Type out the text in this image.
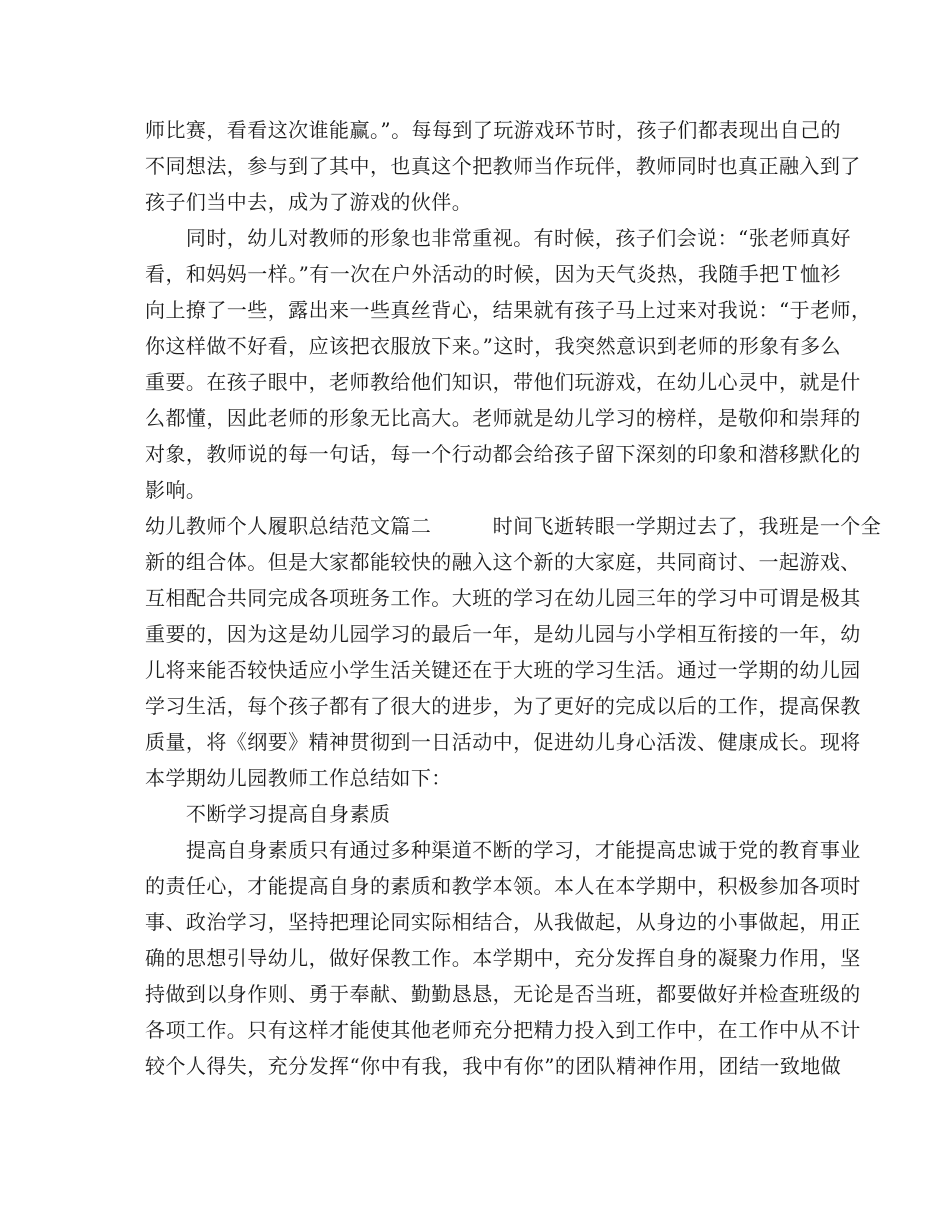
师比赛，看看这次谁能赢。”。每每到了玩游戏环节时，孩子们都表现出自己的
不同想法，参与到了其中，也真这个把教师当作玩伴，教师同时也真正融入到了
孩子们当中去，成为了游戏的伙伴。
　　同时，幼儿对教师的形象也非常重视。有时候，孩子们会说：“张老师真好
看，和妈妈一样。”有一次在户外活动的时候，因为天气炎热，我随手把Ｔ恤衫
向上撩了一些，露出来一些真丝背心，结果就有孩子马上过来对我说：“于老师，
你这样做不好看，应该把衣服放下来。”这时，我突然意识到老师的形象有多么
重要。在孩子眼中，老师教给他们知识，带他们玩游戏，在幼儿心灵中，就是什
么都懂，因此老师的形象无比高大。老师就是幼儿学习的榜样，是敬仰和崇拜的
对象，教师说的每一句话，每一个行动都会给孩子留下深刻的印象和潜移默化的
影响。
幼儿教师个人履职总结范文篇二　　　时间飞逝转眼一学期过去了，我班是一个全
新的组合体。但是大家都能较快的融入这个新的大家庭，共同商讨、一起游戏、
互相配合共同完成各项班务工作。大班的学习在幼儿园三年的学习中可谓是极其
重要的，因为这是幼儿园学习的最后一年，是幼儿园与小学相互衔接的一年，幼
儿将来能否较快适应小学生活关键还在于大班的学习生活。通过一学期的幼儿园
学习生活，每个孩子都有了很大的进步，为了更好的完成以后的工作，提高保教
质量，将《纲要》精神贯彻到一日活动中，促进幼儿身心活泼、健康成长。现将
本学期幼儿园教师工作总结如下：
　　不断学习提高自身素质
　　提高自身素质只有通过多种渠道不断的学习，才能提高忠诚于党的教育事业
的责任心，才能提高自身的素质和教学本领。本人在本学期中，积极参加各项时
事、政治学习，坚持把理论同实际相结合，从我做起，从身边的小事做起，用正
确的思想引导幼儿，做好保教工作。本学期中，充分发挥自身的凝聚力作用，坚
持做到以身作则、勇于奉献、勤勤恳恳，无论是否当班，都要做好并检查班级的
各项工作。只有这样才能使其他老师充分把精力投入到工作中，在工作中从不计
较个人得失，充分发挥“你中有我，我中有你”的团队精神作用，团结一致地做
